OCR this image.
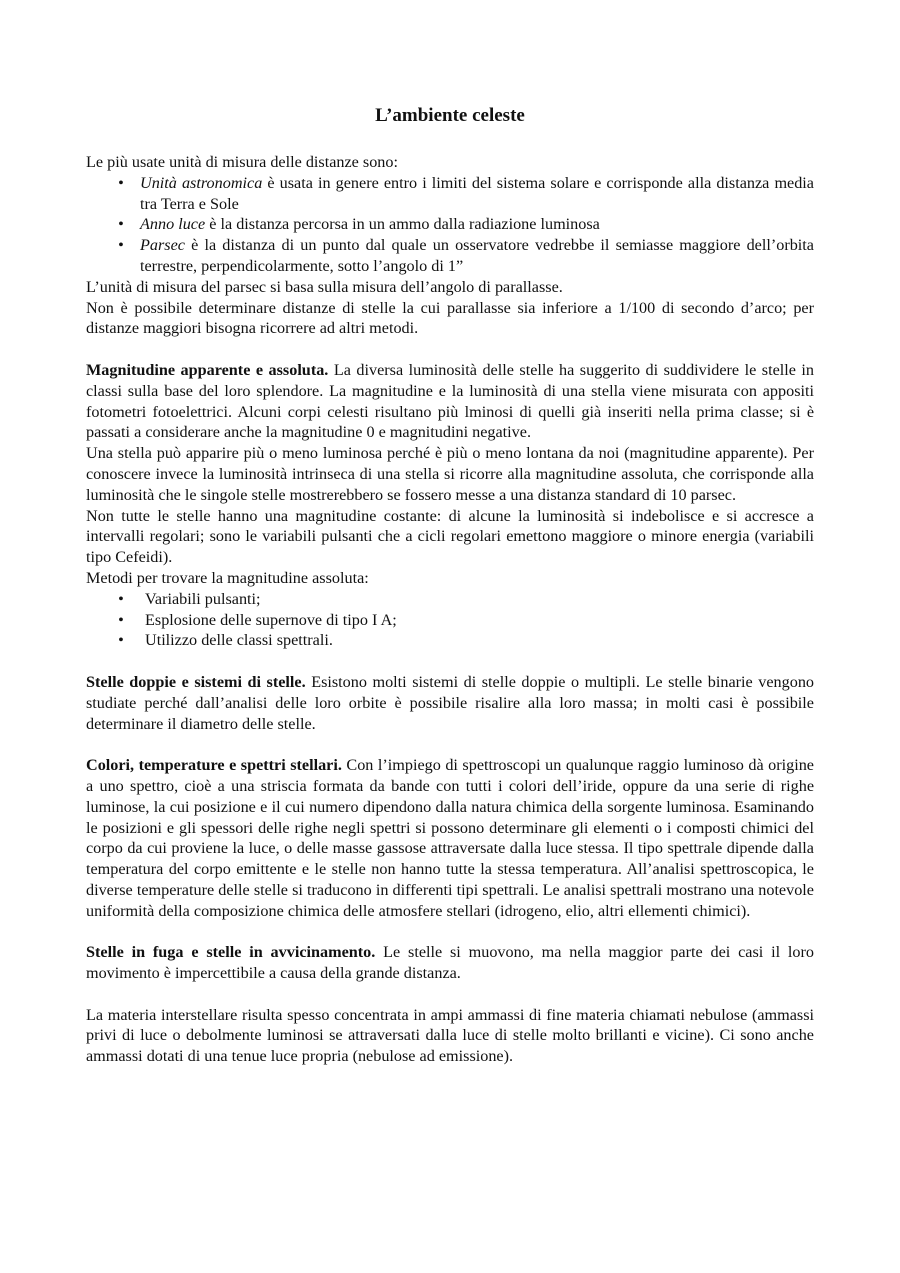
L’ambiente celeste

Le più usate unità di misura delle distanze sono:

• Unità astronomica è usata in genere entro i limiti del sistema solare e corrisponde alla distanza media tra Terra e Sole
• Anno luce è la distanza percorsa in un ammo dalla radiazione luminosa
• Parsec è la distanza di un punto dal quale un osservatore vedrebbe il semiasse maggiore dell’orbita terrestre, perpendicolarmente, sotto l’angolo di 1”

L’unità di misura del parsec si basa sulla misura dell’angolo di parallasse.

Non è possibile determinare distanze di stelle la cui parallasse sia inferiore a 1/100 di secondo d’arco; per distanze maggiori bisogna ricorrere ad altri metodi.

Magnitudine apparente e assoluta. La diversa luminosità delle stelle ha suggerito di suddividere le stelle in classi sulla base del loro splendore. La magnitudine e la luminosità di una stella viene misurata con appositi fotometri fotoelettrici. Alcuni corpi celesti risultano più lminosi di quelli già inseriti nella prima classe; si è passati a considerare anche la magnitudine 0 e magnitudini negative.

Una stella può apparire più o meno luminosa perché è più o meno lontana da noi (magnitudine apparente). Per conoscere invece la luminosità intrinseca di una stella si ricorre alla magnitudine assoluta, che corrisponde alla luminosità che le singole stelle mostrerebbero se fossero messe a una distanza standard di 10 parsec.

Non tutte le stelle hanno una magnitudine costante: di alcune la luminosità si indebolisce e si accresce a intervalli regolari; sono le variabili pulsanti che a cicli regolari emettono maggiore o minore energia (variabili tipo Cefeidi).

Metodi per trovare la magnitudine assoluta:

• Variabili pulsanti;
• Esplosione delle supernove di tipo I A;
• Utilizzo delle classi spettrali.

Stelle doppie e sistemi di stelle. Esistono molti sistemi di stelle doppie o multipli. Le stelle binarie vengono studiate perché dall’analisi delle loro orbite è possibile risalire alla loro massa; in molti casi è possibile determinare il diametro delle stelle.

Colori, temperature e spettri stellari. Con l’impiego di spettroscopi un qualunque raggio luminoso dà origine a uno spettro, cioè a una striscia formata da bande con tutti i colori dell’iride, oppure da una serie di righe luminose, la cui posizione e il cui numero dipendono dalla natura chimica della sorgente luminosa. Esaminando le posizioni e gli spessori delle righe negli spettri si possono determinare gli elementi o i composti chimici del corpo da cui proviene la luce, o delle masse gassose attraversate dalla luce stessa. Il tipo spettrale dipende dalla temperatura del corpo emittente e le stelle non hanno tutte la stessa temperatura. All’analisi spettroscopica, le diverse temperature delle stelle si traducono in differenti tipi spettrali. Le analisi spettrali mostrano una notevole uniformità della composizione chimica delle atmosfere stellari (idrogeno, elio, altri ellementi chimici).

Stelle in fuga e stelle in avvicinamento. Le stelle si muovono, ma nella maggior parte dei casi il loro movimento è impercettibile a causa della grande distanza.

La materia interstellare risulta spesso concentrata in ampi ammassi di fine materia chiamati nebulose (ammassi privi di luce o debolmente luminosi se attraversati dalla luce di stelle molto brillanti e vicine). Ci sono anche ammassi dotati di una tenue luce propria (nebulose ad emissione).
